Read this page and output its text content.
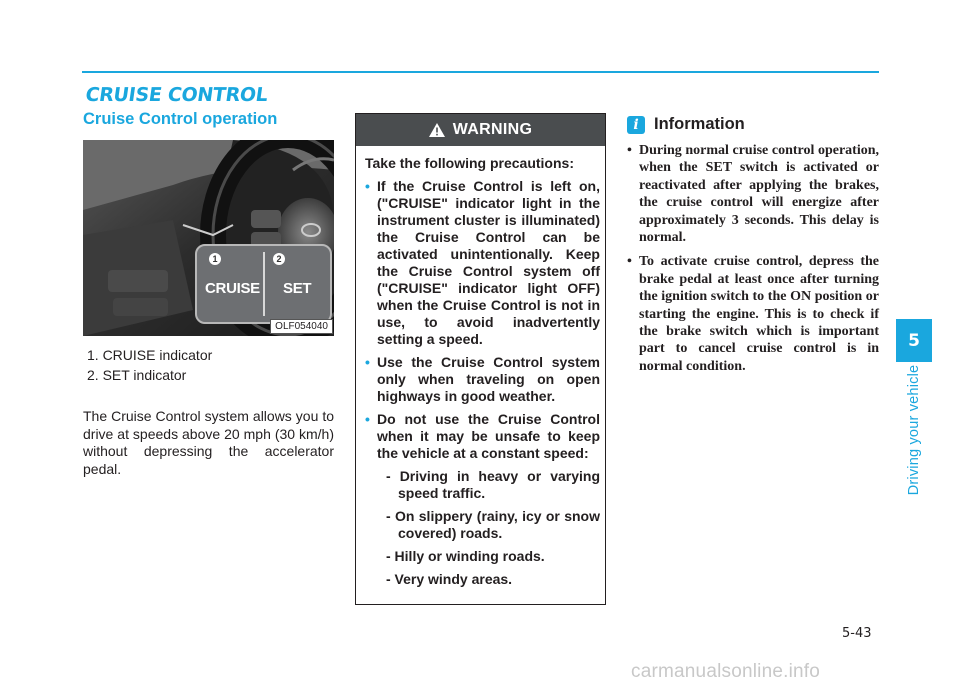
CRUISE CONTROL
Cruise Control operation
1	2
CRUISE SET
OLF054040
1. CRUISE indicator
2. SET indicator

The Cruise Control system allows you to drive at speeds above 20 mph (30 km/h) without depressing the accelerator pedal.

WARNING

Take the following precautions:

• If the Cruise Control is left on, ("CRUISE" indicator light in the instrument cluster is illuminated) the Cruise Control can be activated unintentionally. Keep the Cruise Control system off ("CRUISE" indicator light OFF) when the Cruise Control is not in use, to avoid inadvertently setting a speed.
• Use the Cruise Control system only when traveling on open highways in good weather.
• Do not use the Cruise Control when it may be unsafe to keep the vehicle at a constant speed:
- Driving in heavy or varying speed traffic.
- On slippery (rainy, icy or snow covered) roads.
- Hilly or winding roads.
- Very windy areas.
i Information
• During normal cruise control operation, when the SET switch is activated or reactivated after applying the brakes, the cruise control will energize after approximately 3 seconds. This delay is normal.
• To activate cruise control, depress the brake pedal at least once after turning the ignition switch to the ON position or starting the engine. This is to check if the brake switch which is important part to cancel cruise control is in normal condition.
5
Driving your vehicle
5-43
carmanualsonline.info
